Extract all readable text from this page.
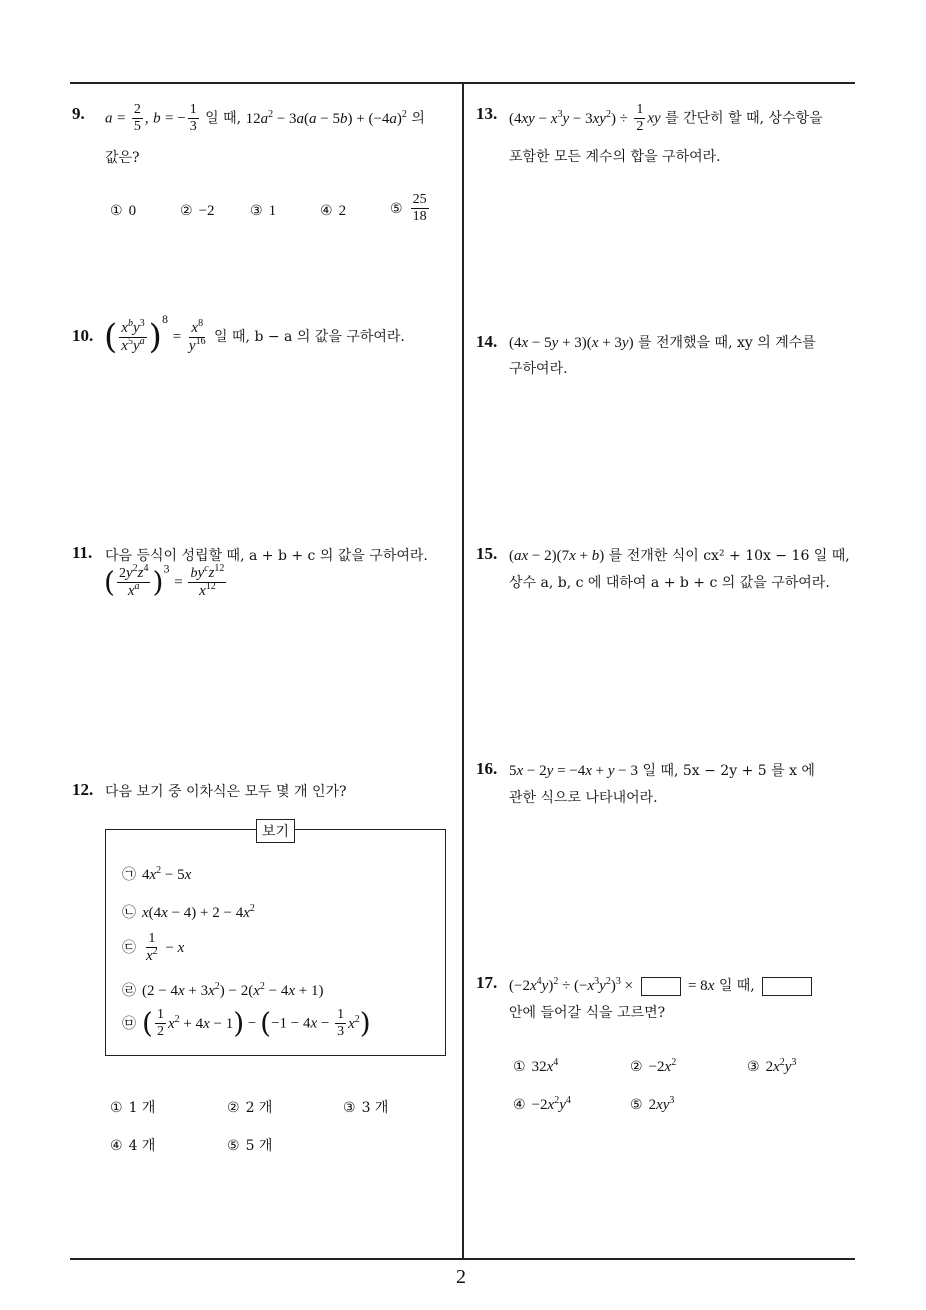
9. $a = \frac{2}{5}$ , b = − $\frac{1}{3}$ 일 때, $12a^2 - 3a(a - 5b) + (-4a)^2$ 의
값은?
① 0	② −2	③ 1	④ 2	⑤ $\frac{25}{18}$
10. ( $\frac{x^by^3}{x^5y^a} )^8 = \frac{x^8}{y^{16}}$ 일 때, b − a 의 값을 구하여라.
11. 다음 등식이 성립할 때, a + b + c 의 값을 구하여라.
( $\frac{2y^2z^4}{x^a} )^3 = \frac{by^cz^{12}}{x^{12}}$
12. 다음 보기 중 이차식은 모두 몇 개 인가?
보기
㉠ $4x^2 - 5x$
㉡ $x(4x - 4) + 2 - 4x^2$
㉢ $\frac{1}{x^2} - x$
㉣ $(2 - 4x + 3x^2) - 2(x^2 - 4x + 1)$
㉤ ( $\frac{1}{2} x^2 + 4x - 1) - (-1 - 4x - \frac{1}{3} x^2)$
① 1 개	② 2 개	③ 3 개
④ 4 개	⑤ 5 개
13. $(4xy - x^3y - 3xy^2) \div \frac{1}{2}$ xy 를 간단히 할 때, 상수항을
포함한 모든 계수의 합을 구하여라.
14. (4x − 5y + 3)(x + 3y) 를 전개했을 때, xy 의 계수를
구하여라.
15. (ax − 2)(7x + b) 를 전개한 식이 cx² + 10x − 16 일 때,
상수 a, b, c 에 대하여 a + b + c 의 값을 구하여라.
16. 5x − 2y = −4x + y − 3 일 때, 5x − 2y + 5 를 x 에
관한 식으로 나타내어라.
17. $(-2x^4y)^2 \div (-x^3y^2)^3$ ×	= 8x 일 때,
안에 들어갈 식을 고르면?
① $32x^4$	② $-2x^2$	③ $2x^2y^3$
④ $-2x^2y^4$	⑤ $2xy^3$
2
